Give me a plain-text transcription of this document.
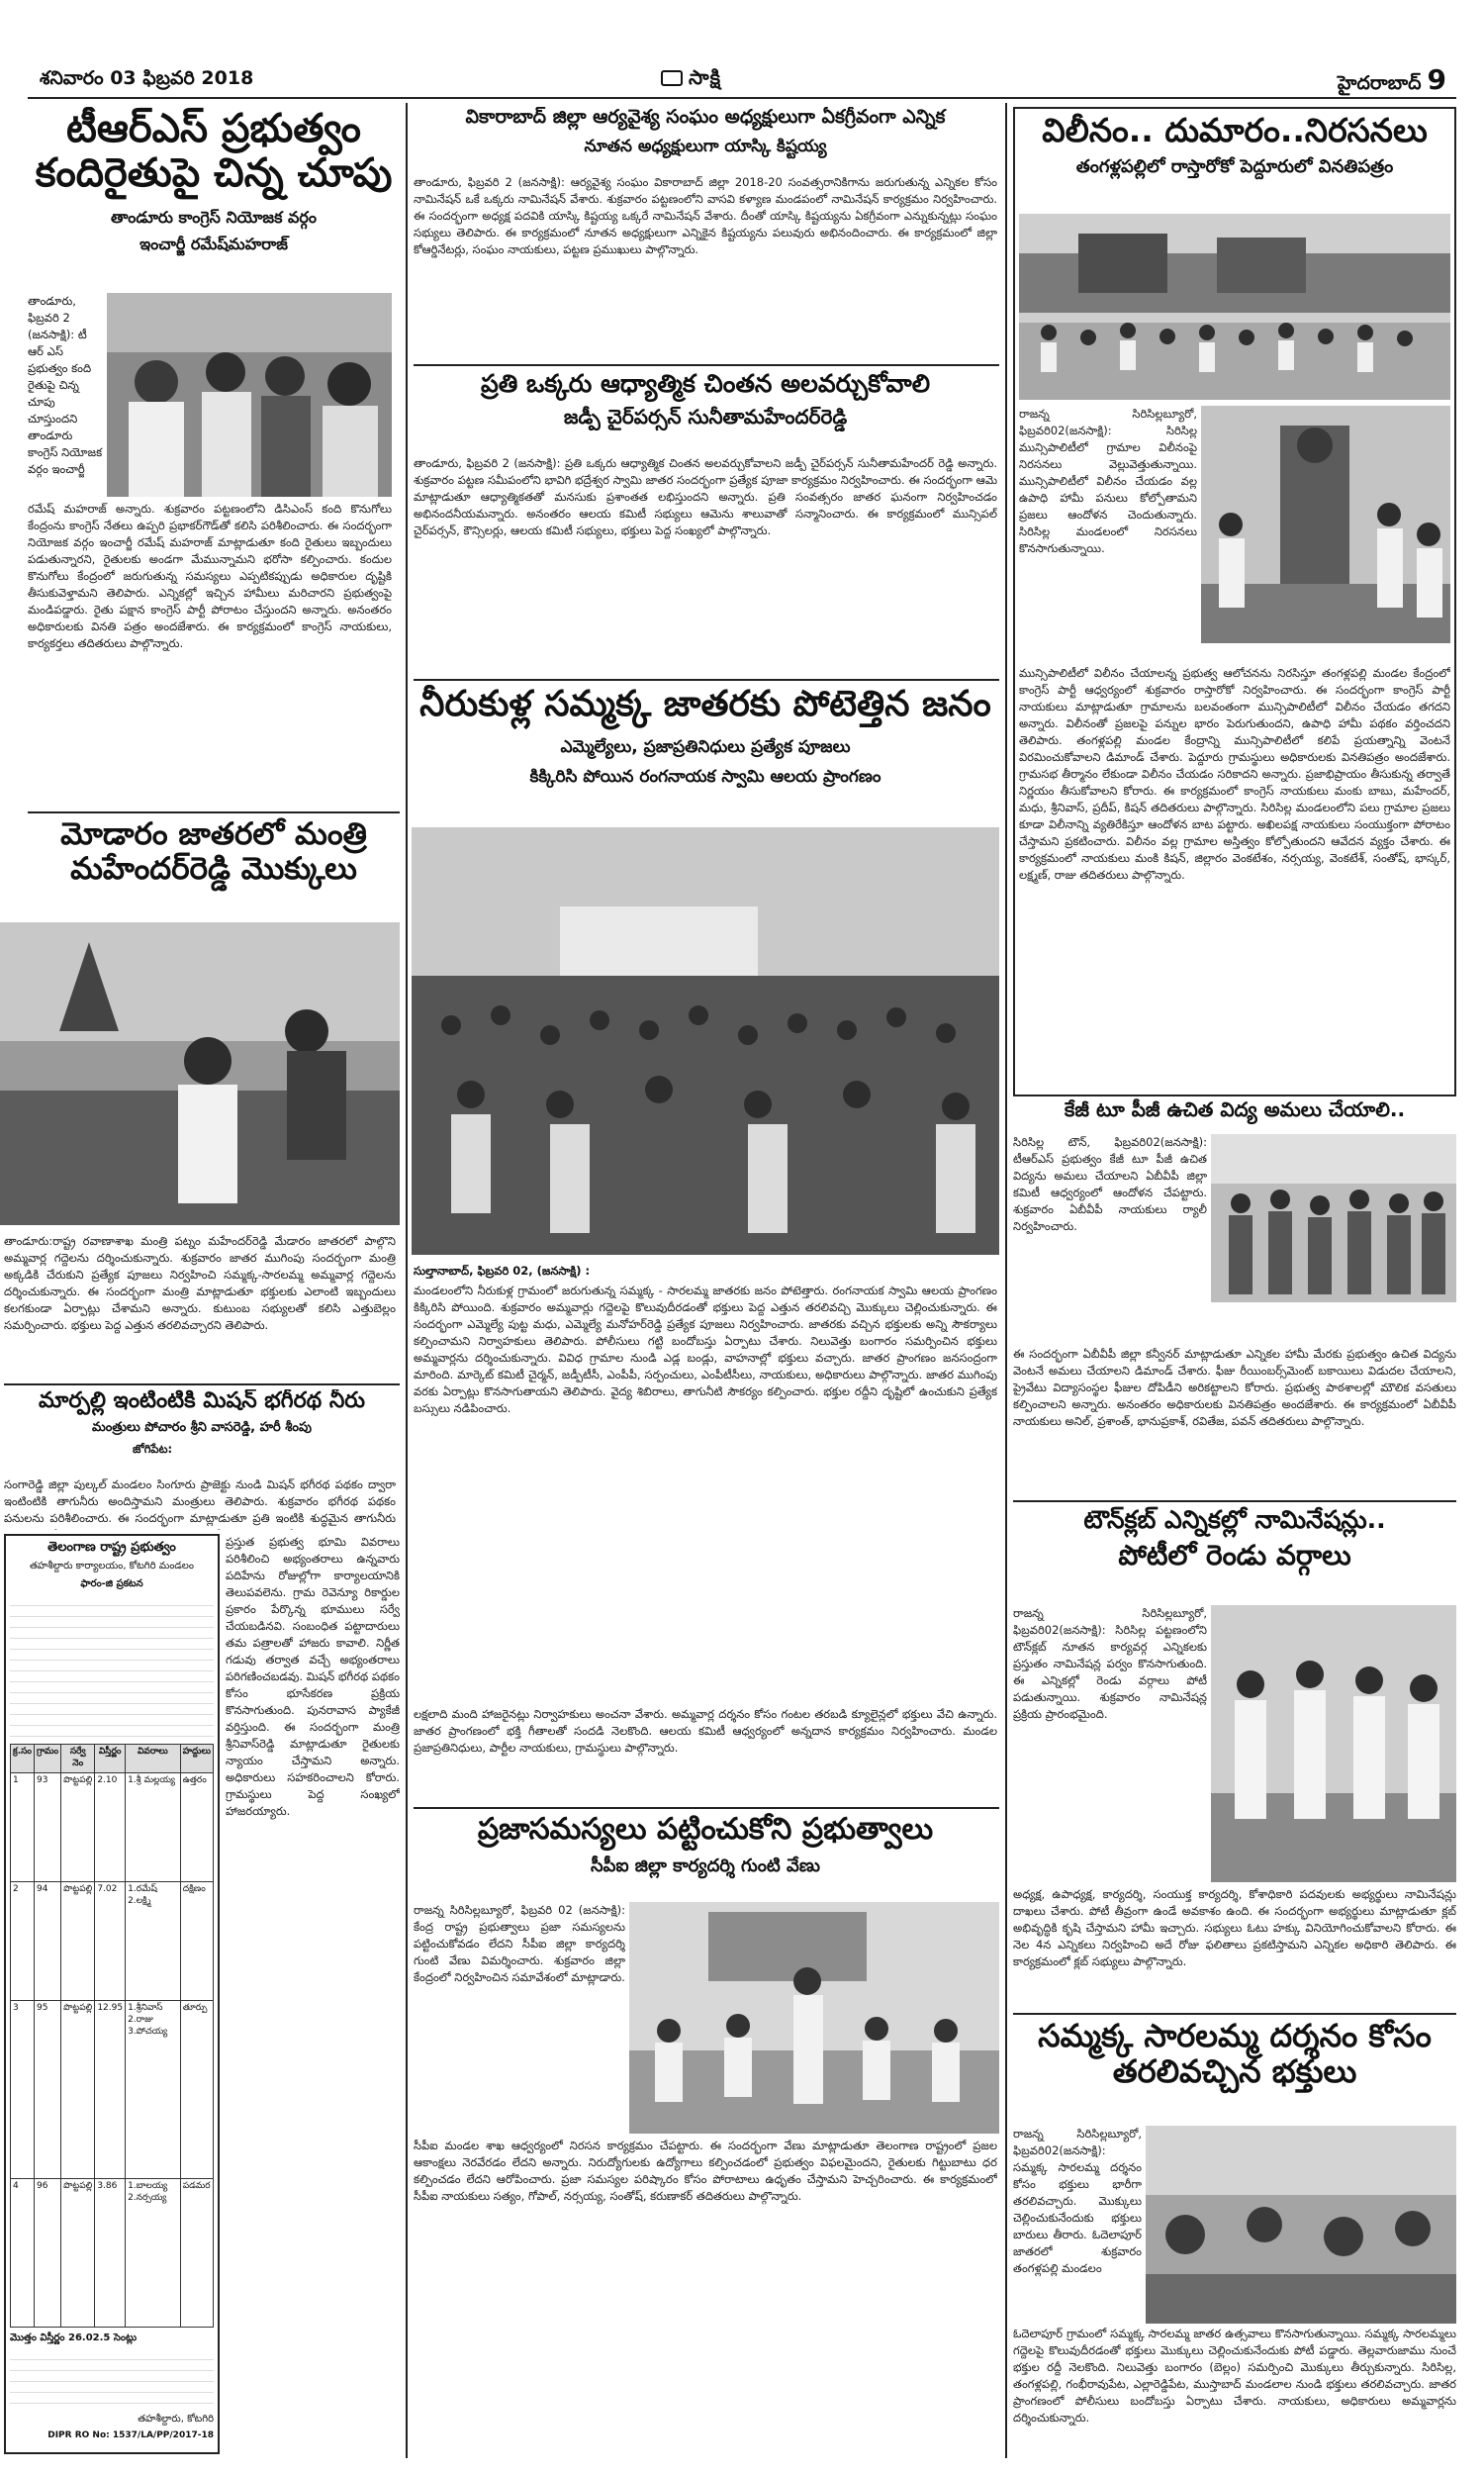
శనివారం 03 ఫిబ్రవరి 2018	సాక్షి	హైదరాబాద్ 9
టీఆర్ఎస్ ప్రభుత్వం
కందిరైతుపై చిన్న చూపు
తాండూరు కాంగ్రెస్ నియోజక వర్గం
ఇంచార్జీ రమేష్‌మహరాజ్
తాండూరు, ఫిబ్రవరి 2 (జనసాక్షి): టీ ఆర్ ఎస్ ప్రభుత్వం కంది రైతుపై చిన్న చూపు చూస్తుందని తాండూరు కాంగ్రెస్ నియోజక వర్గం ఇంచార్జీ
రమేష్ మహరాజ్ అన్నారు. శుక్రవారం పట్టణంలోని డిసిఎంస్ కంది కొనుగోలు కేంద్రంను కాంగ్రెస్ నేతలు ఉప్పరి ప్రభాకర్‌గౌడ్‌తో కలిసి పరిశీలించారు. ఈ సందర్భంగా నియోజక వర్గం ఇంచార్జీ రమేష్ మహరాజ్ మాట్లాడుతూ కంది రైతులు ఇబ్బందులు పడుతున్నారని, రైతులకు అండగా మేమున్నామని భరోసా కల్పించారు. కందుల కొనుగోలు కేంద్రంలో జరుగుతున్న సమస్యలు ఎప్పటికప్పుడు అధికారుల దృష్టికి తీసుకువెళ్తామని తెలిపారు. ఎన్నికల్లో ఇచ్చిన హామీలు మరిచారని ప్రభుత్వంపై మండిపడ్డారు. రైతు పక్షాన కాంగ్రెస్ పార్టీ పోరాటం చేస్తుందని అన్నారు. అనంతరం అధికారులకు వినతి పత్రం అందజేశారు. ఈ కార్యక్రమంలో కాంగ్రెస్ నాయకులు, కార్యకర్తలు తదితరులు పాల్గొన్నారు.
మోడారం జాతరలో మంత్రి
మహేందర్‌రెడ్డి మొక్కులు
తాండూరు:రాష్ట్ర రవాణాశాఖ మంత్రి పట్నం మహేందర్‌రెడ్డి మేడారం జాతరలో పాల్గొని అమ్మవార్ల గద్దెలను దర్శించుకున్నారు. శుక్రవారం జాతర ముగింపు సందర్భంగా మంత్రి అక్కడికి చేరుకుని ప్రత్యేక పూజలు నిర్వహించి సమ్మక్క-సారలమ్మ అమ్మవార్ల గద్దెలను దర్శించుకున్నారు. ఈ సందర్భంగా మంత్రి మాట్లాడుతూ భక్తులకు ఎలాంటి ఇబ్బందులు కలగకుండా ఏర్పాట్లు చేశామని అన్నారు. కుటుంబ సభ్యులతో కలిసి ఎత్తుబెల్లం సమర్పించారు. భక్తులు పెద్ద ఎత్తున తరలివచ్చారని తెలిపారు.
మార్పల్లి ఇంటింటికి మిషన్ భగీరథ నీరు
మంత్రులు పోచారం శ్రీని వాసరెడ్డి, హరీ శీంపు
జోగిపేట:
సంగారెడ్డి జిల్లా పుల్కల్ మండలం సింగూరు ప్రాజెక్టు నుండి మిషన్ భగీరథ పథకం ద్వారా ఇంటింటికి తాగునీరు అందిస్తామని మంత్రులు తెలిపారు. శుక్రవారం భగీరథ పథకం పనులను పరిశీలించారు. ఈ సందర్భంగా మాట్లాడుతూ ప్రతి ఇంటికి శుద్ధమైన తాగునీరు
తెలంగాణ రాష్ట్ర ప్రభుత్వం
తహశీల్దారు కార్యాలయం, కోటగిరి మండలం
ఫారం-జి ప్రకటన
క్ర.సం	గ్రామం	సర్వే నెం	విస్తీర్ణం	వివరాలు	హద్దులు
1	93	పొట్టపల్లి	2.10	1.శ్రీ మల్లయ్య	ఉత్తరం
2	94	పొట్టపల్లి	7.02	1.రమేష్ 2.లక్ష్మి	దక్షిణం
3	95	పొట్టపల్లి	12.95	1.శ్రీనివాస్ 2.రాజు 3.పోచయ్య	తూర్పు
4	96	పొట్టపల్లి	3.86	1.బాలయ్య 2.నర్సయ్య	పడమర
మొత్తం విస్తీర్ణం 26.02.5 సెంట్లు
తహశీల్దారు, కోటగిరి
DIPR RO No: 1537/LA/PP/2017-18
ప్రస్తుత ప్రభుత్వ భూమి వివరాలు పరిశీలించి అభ్యంతరాలు ఉన్నవారు పదిహేను రోజుల్లోగా కార్యాలయానికి తెలుపవలెను. గ్రామ రెవెన్యూ రికార్డుల ప్రకారం పేర్కొన్న భూములు సర్వే చేయబడినవి. సంబంధిత పట్టాదారులు తమ పత్రాలతో హాజరు కావాలి. నిర్ణీత గడువు తర్వాత వచ్చే అభ్యంతరాలు పరిగణించబడవు. మిషన్ భగీరథ పథకం కోసం భూసేకరణ ప్రక్రియ కొనసాగుతుంది. పునరావాస ప్యాకేజీ వర్తిస్తుంది. ఈ సందర్భంగా మంత్రి శ్రీనివాస్‌రెడ్డి మాట్లాడుతూ రైతులకు న్యాయం చేస్తామని అన్నారు. అధికారులు సహకరించాలని కోరారు. గ్రామస్థులు పెద్ద సంఖ్యలో హాజరయ్యారు.
వికారాబాద్ జిల్లా ఆర్యవైశ్య సంఘం అధ్యక్షులుగా ఏకగ్రీవంగా ఎన్నిక
నూతన అధ్యక్షులుగా యాస్కి కిష్టయ్య
తాండూరు, ఫిబ్రవరి 2 (జనసాక్షి): ఆర్యవైశ్య సంఘం వికారాబాద్ జిల్లా 2018-20 సంవత్సరానికిగాను జరుగుతున్న ఎన్నికల కోసం నామినేషన్ ఒకే ఒక్కరు నామినేషన్ వేశారు. శుక్రవారం పట్టణంలోని వాసవి కళ్యాణ మండపంలో నామినేషన్ కార్యక్రమం నిర్వహించారు. ఈ సందర్భంగా అధ్యక్ష పదవికి యాస్కి కిష్టయ్య ఒక్కరే నామినేషన్ వేశారు. దీంతో యాస్కి కిష్టయ్యను ఏకగ్రీవంగా ఎన్నుకున్నట్లు సంఘం సభ్యులు తెలిపారు. ఈ కార్యక్రమంలో నూతన అధ్యక్షులుగా ఎన్నికైన కిష్టయ్యను పలువురు అభినందించారు. ఈ కార్యక్రమంలో జిల్లా కోఆర్డినేటర్లు, సంఘం నాయకులు, పట్టణ ప్రముఖులు పాల్గొన్నారు.
ప్రతి ఒక్కరు ఆధ్యాత్మిక చింతన అలవర్చుకోవాలి
జడ్పీ చైర్‌పర్సన్ సునీతామహేందర్‌రెడ్డి
తాండూరు, ఫిబ్రవరి 2 (జనసాక్షి): ప్రతి ఒక్కరు ఆధ్యాత్మిక చింతన అలవర్చుకోవాలని జడ్పీ చైర్‌పర్సన్ సునీతామహేందర్ రెడ్డి అన్నారు. శుక్రవారం పట్టణ సమీపంలోని భావిగి భద్రేశ్వర స్వామి జాతర సందర్భంగా ప్రత్యేక పూజా కార్యక్రమం నిర్వహించారు. ఈ సందర్భంగా ఆమె మాట్లాడుతూ ఆధ్యాత్మికతతో మనసుకు ప్రశాంతత లభిస్తుందని అన్నారు. ప్రతి సంవత్సరం జాతర ఘనంగా నిర్వహించడం అభినందనీయమన్నారు. అనంతరం ఆలయ కమిటీ సభ్యులు ఆమెను శాలువాతో సన్మానించారు. ఈ కార్యక్రమంలో మున్సిపల్ చైర్‌పర్సన్, కౌన్సిలర్లు, ఆలయ కమిటీ సభ్యులు, భక్తులు పెద్ద సంఖ్యలో పాల్గొన్నారు.
నీరుకుళ్ల సమ్మక్క జాతరకు పోటెత్తిన జనం
ఎమ్మెల్యేలు, ప్రజాప్రతినిధులు ప్రత్యేక పూజలు
కిక్కిరిసి పోయిన రంగనాయక స్వామి ఆలయ ప్రాంగణం
సుల్తానాబాద్, ఫిబ్రవరి 02, (జనసాక్షి) :
మండలంలోని నీరుకుళ్ల గ్రామంలో జరుగుతున్న సమ్మక్క - సారలమ్మ జాతరకు జనం పోటెత్తారు. రంగనాయక స్వామి ఆలయ ప్రాంగణం కిక్కిరిసి పోయింది. శుక్రవారం అమ్మవార్లు గద్దెలపై కొలువుదీరడంతో భక్తులు పెద్ద ఎత్తున తరలివచ్చి మొక్కులు చెల్లించుకున్నారు. ఈ సందర్భంగా ఎమ్మెల్యే పుట్ట మధు, ఎమ్మెల్యే మనోహర్‌రెడ్డి ప్రత్యేక పూజలు నిర్వహించారు. జాతరకు వచ్చిన భక్తులకు అన్ని సౌకర్యాలు కల్పించామని నిర్వాహకులు తెలిపారు. పోలీసులు గట్టి బందోబస్తు ఏర్పాటు చేశారు. నిలువెత్తు బంగారం సమర్పించిన భక్తులు అమ్మవార్లను దర్శించుకున్నారు. వివిధ గ్రామాల నుండి ఎడ్ల బండ్లు, వాహనాల్లో భక్తులు వచ్చారు. జాతర ప్రాంగణం జనసంద్రంగా మారింది. మార్కెట్ కమిటీ చైర్మన్, జడ్పీటీసీ, ఎంపీపీ, సర్పంచులు, ఎంపీటీసీలు, నాయకులు, అధికారులు పాల్గొన్నారు. జాతర ముగింపు వరకు ఏర్పాట్లు కొనసాగుతాయని తెలిపారు. వైద్య శిబిరాలు, తాగునీటి సౌకర్యం కల్పించారు. భక్తుల రద్దీని దృష్టిలో ఉంచుకుని ప్రత్యేక బస్సులు నడిపించారు.
లక్షలాది మంది హాజరైనట్లు నిర్వాహకులు అంచనా వేశారు. అమ్మవార్ల దర్శనం కోసం గంటల తరబడి క్యూలైన్లలో భక్తులు వేచి ఉన్నారు. జాతర ప్రాంగణంలో భక్తి గీతాలతో సందడి నెలకొంది. ఆలయ కమిటీ ఆధ్వర్యంలో అన్నదాన కార్యక్రమం నిర్వహించారు. మండల ప్రజాప్రతినిధులు, పార్టీల నాయకులు, గ్రామస్థులు పాల్గొన్నారు.
ప్రజాసమస్యలు పట్టించుకోని ప్రభుత్వాలు
సీపీఐ జిల్లా కార్యదర్శి గుంటి వేణు
రాజన్న సిరిసిల్లబ్యూరో, ఫిబ్రవరి 02 (జనసాక్షి): కేంద్ర రాష్ట్ర ప్రభుత్వాలు ప్రజా సమస్యలను పట్టించుకోవడం లేదని సీపీఐ జిల్లా కార్యదర్శి గుంటి వేణు విమర్శించారు. శుక్రవారం జిల్లా కేంద్రంలో నిర్వహించిన సమావేశంలో మాట్లాడారు.
సీపీఐ మండల శాఖ ఆధ్వర్యంలో నిరసన కార్యక్రమం చేపట్టారు. ఈ సందర్భంగా వేణు మాట్లాడుతూ తెలంగాణ రాష్ట్రంలో ప్రజల ఆకాంక్షలు నెరవేరడం లేదని అన్నారు. నిరుద్యోగులకు ఉద్యోగాలు కల్పించడంలో ప్రభుత్వం విఫలమైందని, రైతులకు గిట్టుబాటు ధర కల్పించడం లేదని ఆరోపించారు. ప్రజా సమస్యల పరిష్కారం కోసం పోరాటాలు ఉధృతం చేస్తామని హెచ్చరించారు. ఈ కార్యక్రమంలో సీపీఐ నాయకులు సత్యం, గోపాల్, నర్సయ్య, సంతోష్, కరుణాకర్ తదితరులు పాల్గొన్నారు.
విలీనం.. దుమారం..నిరసనలు
తంగళ్లపల్లిలో రాస్తారోకో పెద్దూరులో వినతిపత్రం
రాజన్న సిరిసిల్లబ్యూరో, ఫిబ్రవరి02(జనసాక్షి): సిరిసిల్ల మున్సిపాలిటీలో గ్రామాల విలీనంపై నిరసనలు వెల్లువెత్తుతున్నాయి. మున్సిపాలిటీలో విలీనం చేయడం వల్ల ఉపాధి హామీ పనులు కోల్పోతామని ప్రజలు ఆందోళన చెందుతున్నారు. సిరిసిల్ల మండలంలో నిరసనలు కొనసాగుతున్నాయి.
మున్సిపాలిటీలో విలీనం చేయాలన్న ప్రభుత్వ ఆలోచనను నిరసిస్తూ తంగళ్లపల్లి మండల కేంద్రంలో కాంగ్రెస్ పార్టీ ఆధ్వర్యంలో శుక్రవారం రాస్తారోకో నిర్వహించారు. ఈ సందర్భంగా కాంగ్రెస్ పార్టీ నాయకులు మాట్లాడుతూ గ్రామాలను బలవంతంగా మున్సిపాలిటీలో విలీనం చేయడం తగదని అన్నారు. విలీనంతో ప్రజలపై పన్నుల భారం పెరుగుతుందని, ఉపాధి హామీ పథకం వర్తించదని తెలిపారు. తంగళ్లపల్లి మండల కేంద్రాన్ని మున్సిపాలిటీలో కలిపే ప్రయత్నాన్ని వెంటనే విరమించుకోవాలని డిమాండ్ చేశారు. పెద్దూరు గ్రామస్థులు అధికారులకు వినతిపత్రం అందజేశారు. గ్రామసభ తీర్మానం లేకుండా విలీనం చేయడం సరికాదని అన్నారు. ప్రజాభిప్రాయం తీసుకున్న తర్వాతే నిర్ణయం తీసుకోవాలని కోరారు. ఈ కార్యక్రమంలో కాంగ్రెస్ నాయకులు మంకు బాబు, మహేందర్, మధు, శ్రీనివాస్, ప్రదీప్, కిషన్ తదితరులు పాల్గొన్నారు. సిరిసిల్ల మండలంలోని పలు గ్రామాల ప్రజలు కూడా విలీనాన్ని వ్యతిరేకిస్తూ ఆందోళన బాట పట్టారు. అఖిలపక్ష నాయకులు సంయుక్తంగా పోరాటం చేస్తామని ప్రకటించారు. విలీనం వల్ల గ్రామాల అస్తిత్వం కోల్పోతుందని ఆవేదన వ్యక్తం చేశారు. ఈ కార్యక్రమంలో నాయకులు మంకి కిషన్, జిల్లారం వెంకటేశం, నర్సయ్య, వెంకటేశ్, సంతోష్, భాస్కర్, లక్ష్మణ్, రాజు తదితరులు పాల్గొన్నారు.
కేజీ టూ పీజీ ఉచిత విద్య అమలు చేయాలి..
సిరిసిల్ల టౌన్, ఫిబ్రవరి02(జనసాక్షి): టీఆర్‌ఎస్ ప్రభుత్వం కేజీ టూ పీజీ ఉచిత విద్యను అమలు చేయాలని ఏబీవీపీ జిల్లా కమిటీ ఆధ్వర్యంలో ఆందోళన చేపట్టారు. శుక్రవారం ఏబీవీపీ నాయకులు ర్యాలీ నిర్వహించారు.
ఈ సందర్భంగా ఏబీవీపీ జిల్లా కన్వీనర్ మాట్లాడుతూ ఎన్నికల హామీ మేరకు ప్రభుత్వం ఉచిత విద్యను వెంటనే అమలు చేయాలని డిమాండ్ చేశారు. ఫీజు రీయింబర్స్‌మెంట్ బకాయిలు విడుదల చేయాలని, ప్రైవేటు విద్యాసంస్థల ఫీజుల దోపిడీని అరికట్టాలని కోరారు. ప్రభుత్వ పాఠశాలల్లో మౌలిక వసతులు కల్పించాలని అన్నారు. అనంతరం అధికారులకు వినతిపత్రం అందజేశారు. ఈ కార్యక్రమంలో ఏబీవీపీ నాయకులు అనిల్, ప్రశాంత్, భానుప్రకాశ్, రవితేజ, పవన్ తదితరులు పాల్గొన్నారు.
టౌన్‌క్లబ్ ఎన్నికల్లో నామినేషన్లు..
పోటీలో రెండు వర్గాలు
రాజన్న సిరిసిల్లబ్యూరో, ఫిబ్రవరి02(జనసాక్షి): సిరిసిల్ల పట్టణంలోని టౌన్‌క్లబ్ నూతన కార్యవర్గ ఎన్నికలకు ప్రస్తుతం నామినేషన్ల పర్వం కొనసాగుతుంది. ఈ ఎన్నికల్లో రెండు వర్గాలు పోటీ పడుతున్నాయి. శుక్రవారం నామినేషన్ల ప్రక్రియ ప్రారంభమైంది.
అధ్యక్ష, ఉపాధ్యక్ష, కార్యదర్శి, సంయుక్త కార్యదర్శి, కోశాధికారి పదవులకు అభ్యర్థులు నామినేషన్లు దాఖలు చేశారు. పోటీ తీవ్రంగా ఉండే అవకాశం ఉంది. ఈ సందర్భంగా అభ్యర్థులు మాట్లాడుతూ క్లబ్ అభివృద్ధికి కృషి చేస్తామని హామీ ఇచ్చారు. సభ్యులు ఓటు హక్కు వినియోగించుకోవాలని కోరారు. ఈ నెల 4న ఎన్నికలు నిర్వహించి అదే రోజు ఫలితాలు ప్రకటిస్తామని ఎన్నికల అధికారి తెలిపారు. ఈ కార్యక్రమంలో క్లబ్ సభ్యులు పాల్గొన్నారు.
సమ్మక్క సారలమ్మ దర్శనం కోసం
తరలివచ్చిన భక్తులు
రాజన్న సిరిసిల్లబ్యూరో, ఫిబ్రవరి02(జనసాక్షి): సమ్మక్క సారలమ్మ దర్శనం కోసం భక్తులు భారీగా తరలివచ్చారు. మొక్కులు చెల్లించుకునేందుకు భక్తులు బారులు తీరారు. ఓదెలాపూర్ జాతరలో శుక్రవారం తంగళ్లపల్లి మండలం
ఓదెలాపూర్ గ్రామంలో సమ్మక్క సారలమ్మ జాతర ఉత్సవాలు కొనసాగుతున్నాయి. సమ్మక్క సారలమ్మలు గద్దెలపై కొలువుదీరడంతో భక్తులు మొక్కులు చెల్లించుకునేందుకు పోటీ పడ్డారు. తెల్లవారుజాము నుంచే భక్తుల రద్దీ నెలకొంది. నిలువెత్తు బంగారం (బెల్లం) సమర్పించి మొక్కులు తీర్చుకున్నారు. సిరిసిల్ల, తంగళ్లపల్లి, గంభీరావుపేట, ఎల్లారెడ్డిపేట, ముస్తాబాద్ మండలాల నుండి భక్తులు తరలివచ్చారు. జాతర ప్రాంగణంలో పోలీసులు బందోబస్తు ఏర్పాటు చేశారు. నాయకులు, అధికారులు అమ్మవార్లను దర్శించుకున్నారు.
